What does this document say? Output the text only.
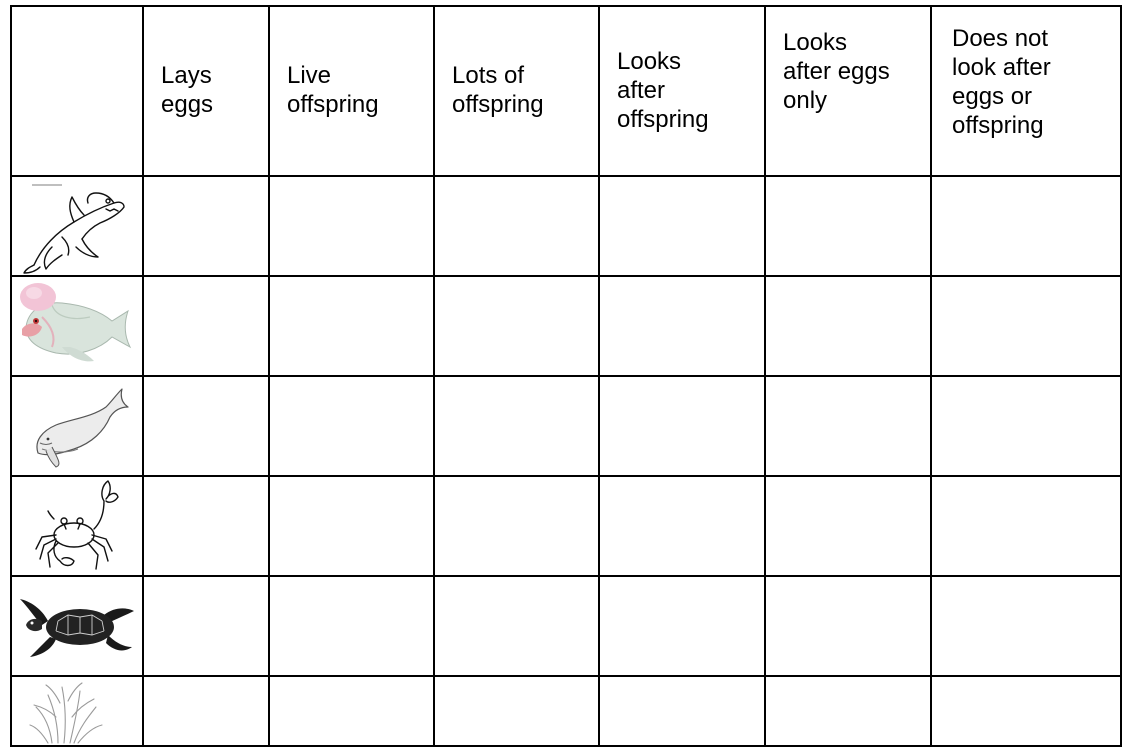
	Lays
eggs	Live
offspring	Lots of
offspring	Looks
after
offspring	Looks
after eggs
only	Does not
look after
eggs or
offspring
